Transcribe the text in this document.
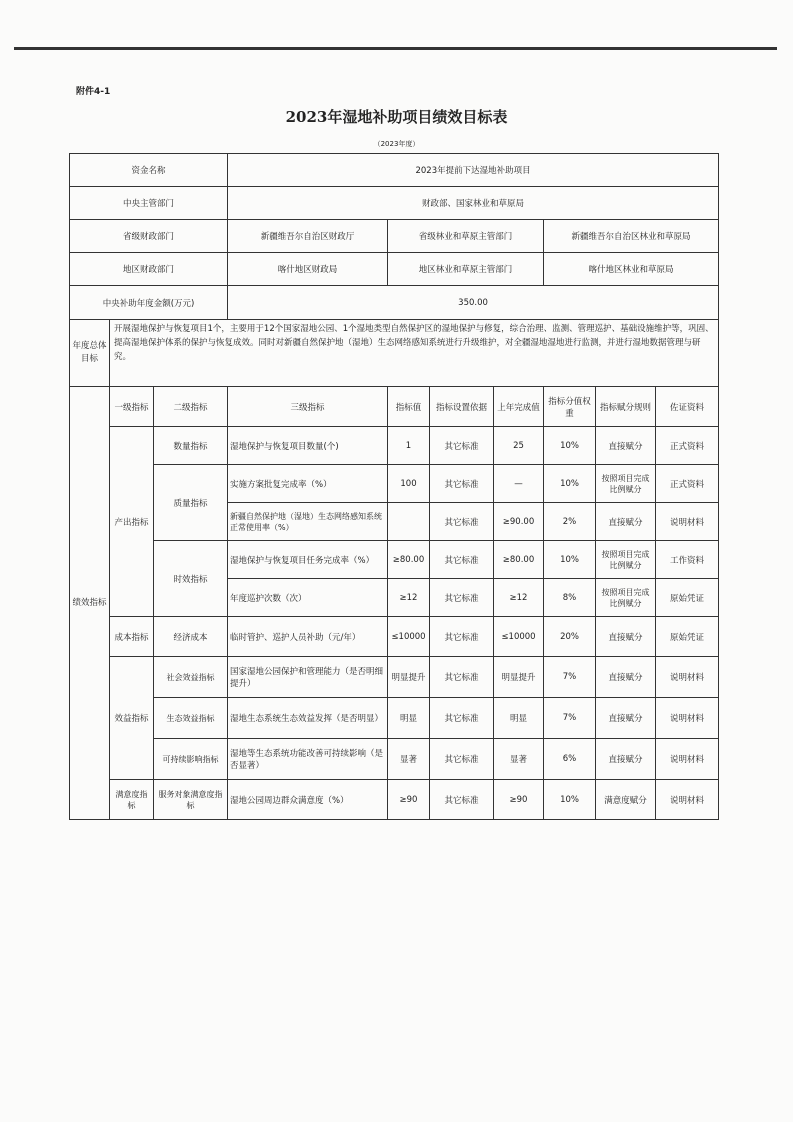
附件4-1
2023年湿地补助项目绩效目标表
（2023年度）
资金名称			2023年提前下达湿地补助项目						
中央主管部门			财政部、国家林业和草原局						
省级财政部门			新疆维吾尔自治区财政厅	省级林业和草原主管部门			新疆维吾尔自治区林业和草原局		
地区财政部门			喀什地区财政局	地区林业和草原主管部门			喀什地区林业和草原局		
中央补助年度金额(万元)			350.00						
年度总体目标	开展湿地保护与恢复项目1个，主要用于12个国家湿地公园、1个湿地类型自然保护区的湿地保护与修复，综合治理、监测、管理巡护、基础设施维护等，巩固、提高湿地保护体系的保护与恢复成效。同时对新疆自然保护地（湿地）生态网络感知系统进行升级维护，对全疆湿地湿地进行监测，并进行湿地数据管理与研究。								
绩效指标	一级指标	二级指标	三级指标	指标值	指标设置依据	上年完成值	指标分值权重	指标赋分规则	佐证资料
	产出指标	数量指标	湿地保护与恢复项目数量(个)	1	其它标准	25	10%	直接赋分	正式资料
		质量指标	实施方案批复完成率（%）	100	其它标准	—	10%	按照项目完成比例赋分	正式资料
			新疆自然保护地（湿地）生态网络感知系统正常使用率（%）		其它标准	≥90.00	2%	直接赋分	说明材料
		时效指标	湿地保护与恢复项目任务完成率（%）	≥80.00	其它标准	≥80.00	10%	按照项目完成比例赋分	工作资料
			年度巡护次数（次）	≥12	其它标准	≥12	8%	按照项目完成比例赋分	原始凭证
	成本指标	经济成本	临时管护、巡护人员补助（元/年）	≤10000	其它标准	≤10000	20%	直接赋分	原始凭证
	效益指标	社会效益指标	国家湿地公园保护和管理能力（是否明细提升）	明显提升	其它标准	明显提升	7%	直接赋分	说明材料
		生态效益指标	湿地生态系统生态效益发挥（是否明显）	明显	其它标准	明显	7%	直接赋分	说明材料
		可持续影响指标	湿地等生态系统功能改善可持续影响（是否显著）	显著	其它标准	显著	6%	直接赋分	说明材料
	满意度指标	服务对象满意度指标	湿地公园周边群众满意度（%）	≥90	其它标准	≥90	10%	满意度赋分	说明材料
